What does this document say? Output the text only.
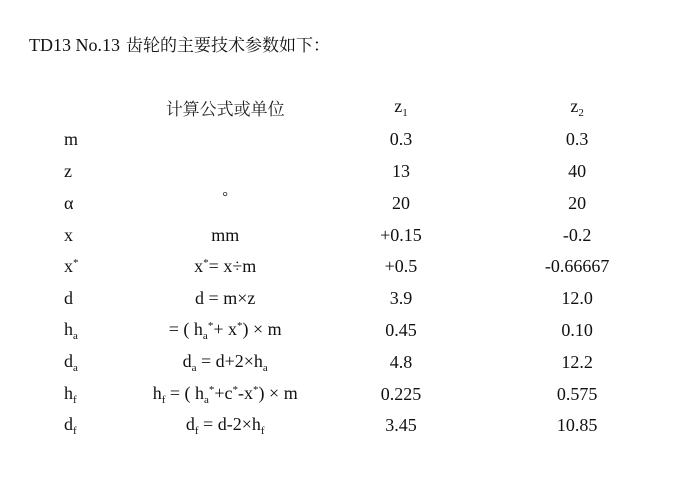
TD13 No.13 齿轮的主要技术参数如下：
	计算公式或单位	$z_1$	$z_2$
m		0.3	0.3
z		13	40
α	°	20	20
x	mm	+0.15	-0.2
x*	x*= x÷m	+0.5	-0.66667
d	d = m×z	3.9	12.0
$h_a$	= ( $h_a^*+ x^*) \times m$	0.45	0.10
$d_a$	$d_a = d+2\times h_a$	4.8	12.2
$h_f$	$h_f$ = ( $h_a^*+c^*-x^*) \times m$	0.225	0.575
$d_f$	$d_f = d-2\times h_f$	3.45	10.85
